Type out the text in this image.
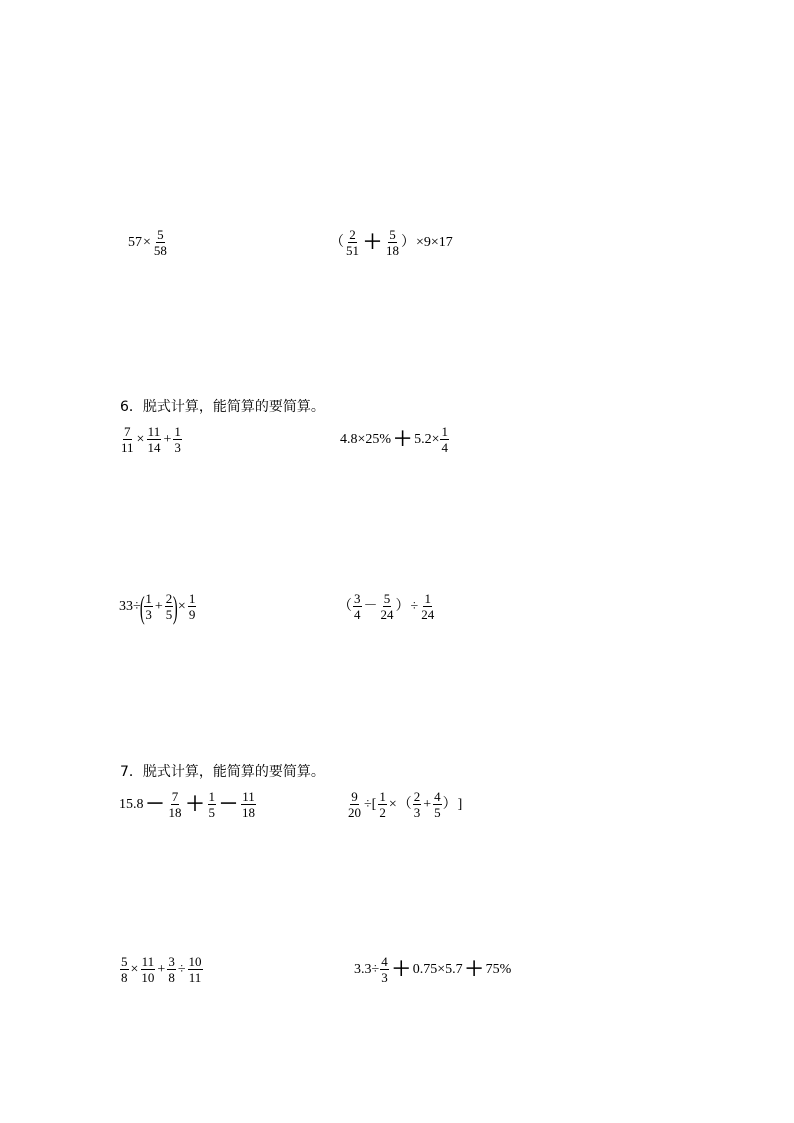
$57 \times \frac{5}{58}$	（ $\frac{2}{51} + \frac{5}{18}$ ） ×9×17
6．脱式计算，能简算的要简算。
$\frac{7}{11} \times \frac{11}{14} + \frac{1}{3}$	$4.8\times 25\% + 5.2\times \frac{1}{4}$
33÷
( $\frac{1}{3} + \frac{2}{5}$ ) × $\frac{1}{9}$	（ $\frac{3}{4} - \frac{5}{24}$ ） ÷ $\frac{1}{24}$
7．脱式计算，能简算的要简算。
$15.8 - \frac{7}{18} + \frac{1}{5} - \frac{11}{18}$	$\frac{9}{20}$ ÷[ $\frac{1}{2}$ × （ $\frac{2}{3} + \frac{4}{5}$ ） ]
$\frac{5}{8} \times \frac{11}{10} + \frac{3}{8} \div \frac{10}{11}$	$3.3\div \frac{4}{3} + 0.75\times 5.7 + 75\%$
